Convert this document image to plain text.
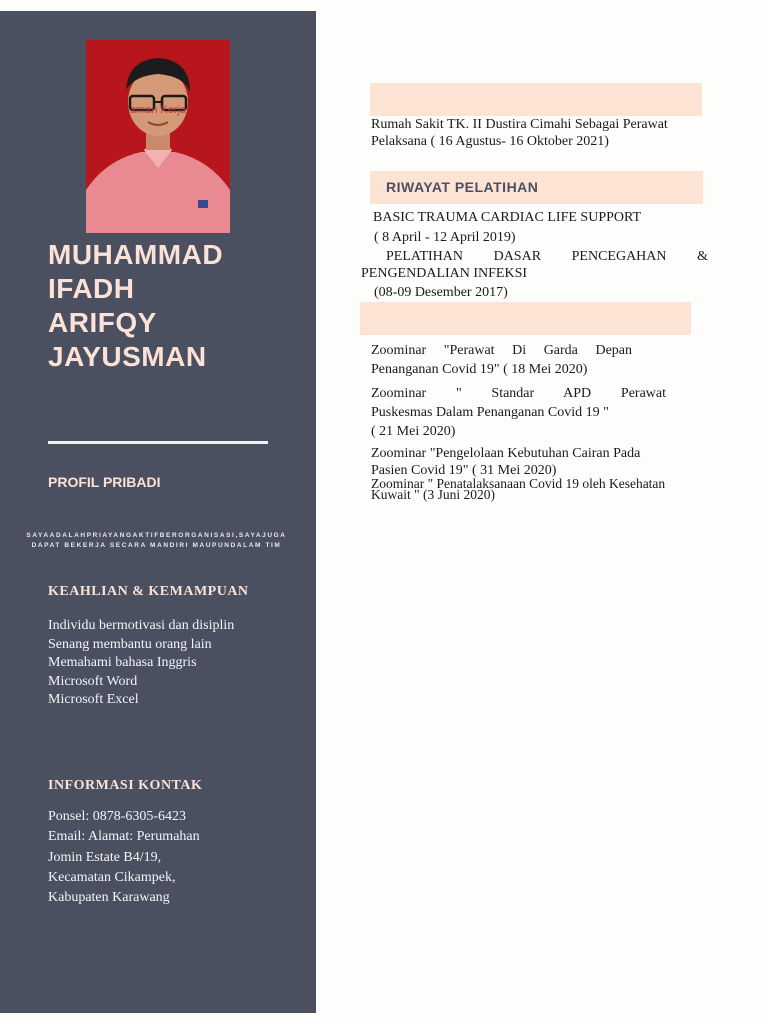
aman Kerja
MUHAMMAD
IFADH
ARIFQY
JAYUSMAN
PROFIL PRIBADI
SAYAADALAHPRIAYANGAKTIFBERORGANISASI,SAYAJUGA DAPAT BEKERJA SECARA MANDIRI MAUPUNDALAM TIM
KEAHLIAN & KEMAMPUAN
Individu bermotivasi dan disiplin
Senang membantu orang lain
Memahami bahasa Inggris
Microsoft Word
Microsoft Excel
INFORMASI KONTAK
Ponsel: 0878-6305-6423
Email: Alamat: Perumahan
Jomin Estate B4/19,
Kecamatan Cikampek,
Kabupaten Karawang
Rumah Sakit TK. II Dustira Cimahi Sebagai Perawat
Pelaksana ( 16 Agustus- 16 Oktober 2021)
RIWAYAT PELATIHAN
BASIC TRAUMA CARDIAC LIFE SUPPORT
( 8 April - 12 April 2019)
PELATIHAN DASAR PENCEGAHAN &
PENGENDALIAN INFEKSI
(08-09 Desember 2017)
Zoominar "Perawat Di Garda Depan
Penanganan Covid 19" ( 18 Mei 2020)
Zoominar " Standar APD Perawat
Puskesmas Dalam Penanganan Covid 19 "
( 21 Mei 2020)
Zoominar "Pengelolaan Kebutuhan Cairan Pada
Pasien Covid 19" ( 31 Mei 2020)
Zoominar " Penatalaksanaan Covid 19 oleh Kesehatan
Kuwait " (3 Juni 2020)
